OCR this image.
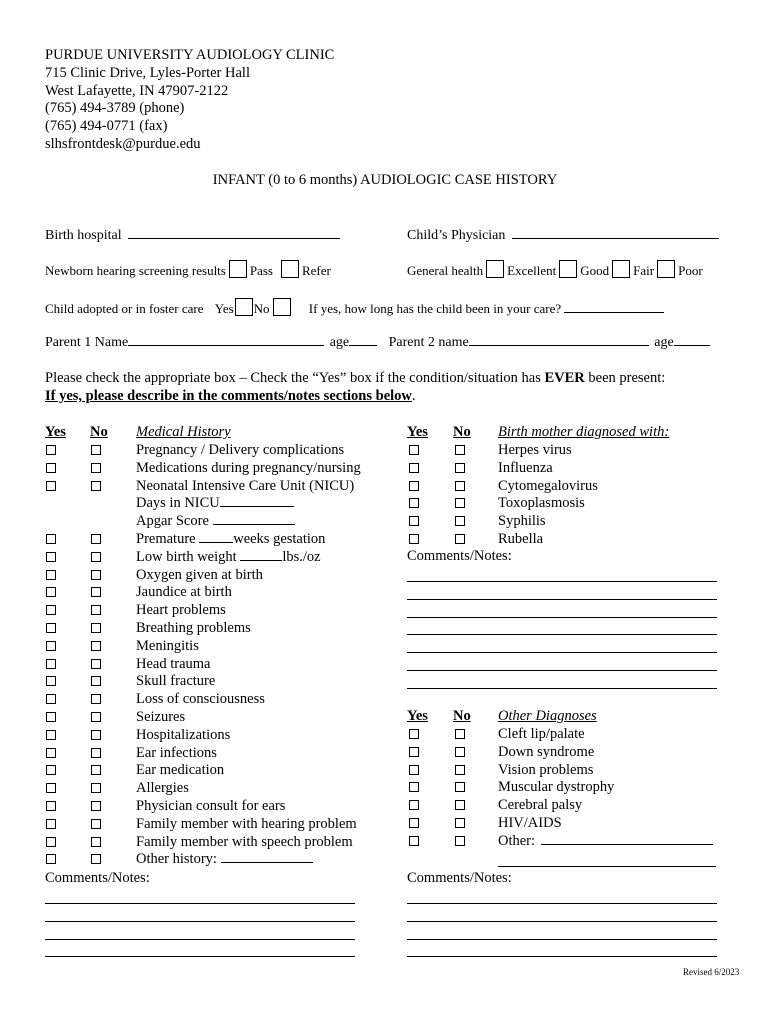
PURDUE UNIVERSITY AUDIOLOGY CLINIC
715 Clinic Drive, Lyles-Porter Hall
West Lafayette, IN 47907-2122
(765) 494-3789 (phone)
(765) 494-0771 (fax)
slhsfrontdesk@purdue.edu
INFANT (0 to 6 months) AUDIOLOGIC CASE HISTORY
Birth hospital	Child’s Physician
Newborn hearing screening results Pass Refer	General health Excellent Good Fair Poor
Child adopted or in foster care Yes No	If yes, how long has the child been in your care?
Parent 1 Name	age	Parent 2 name	age
Please check the appropriate box – Check the “Yes” box if the condition/situation has EVER been present:
If yes, please describe in the comments/notes sections below.
Yes No Medical History
Pregnancy / Delivery complications
Medications during pregnancy/nursing
Neonatal Intensive Care Unit (NICU)
Days in NICU
Apgar Score
Premature weeks gestation
Low birth weight	lbs./oz
Oxygen given at birth
Jaundice at birth
Heart problems
Breathing problems
Meningitis
Head trauma
Skull fracture
Loss of consciousness
Seizures
Hospitalizations
Ear infections
Ear medication
Allergies
Physician consult for ears
Family member with hearing problem
Family member with speech problem
Other history:
Yes No Birth mother diagnosed with:
Herpes virus
Influenza
Cytomegalovirus
Toxoplasmosis
Syphilis
Rubella
Comments/Notes:
Yes No Other Diagnoses
Cleft lip/palate
Down syndrome
Vision problems
Muscular dystrophy
Cerebral palsy
HIV/AIDS
Other:
Comments/Notes:	Comments/Notes:
Revised 6/2023
